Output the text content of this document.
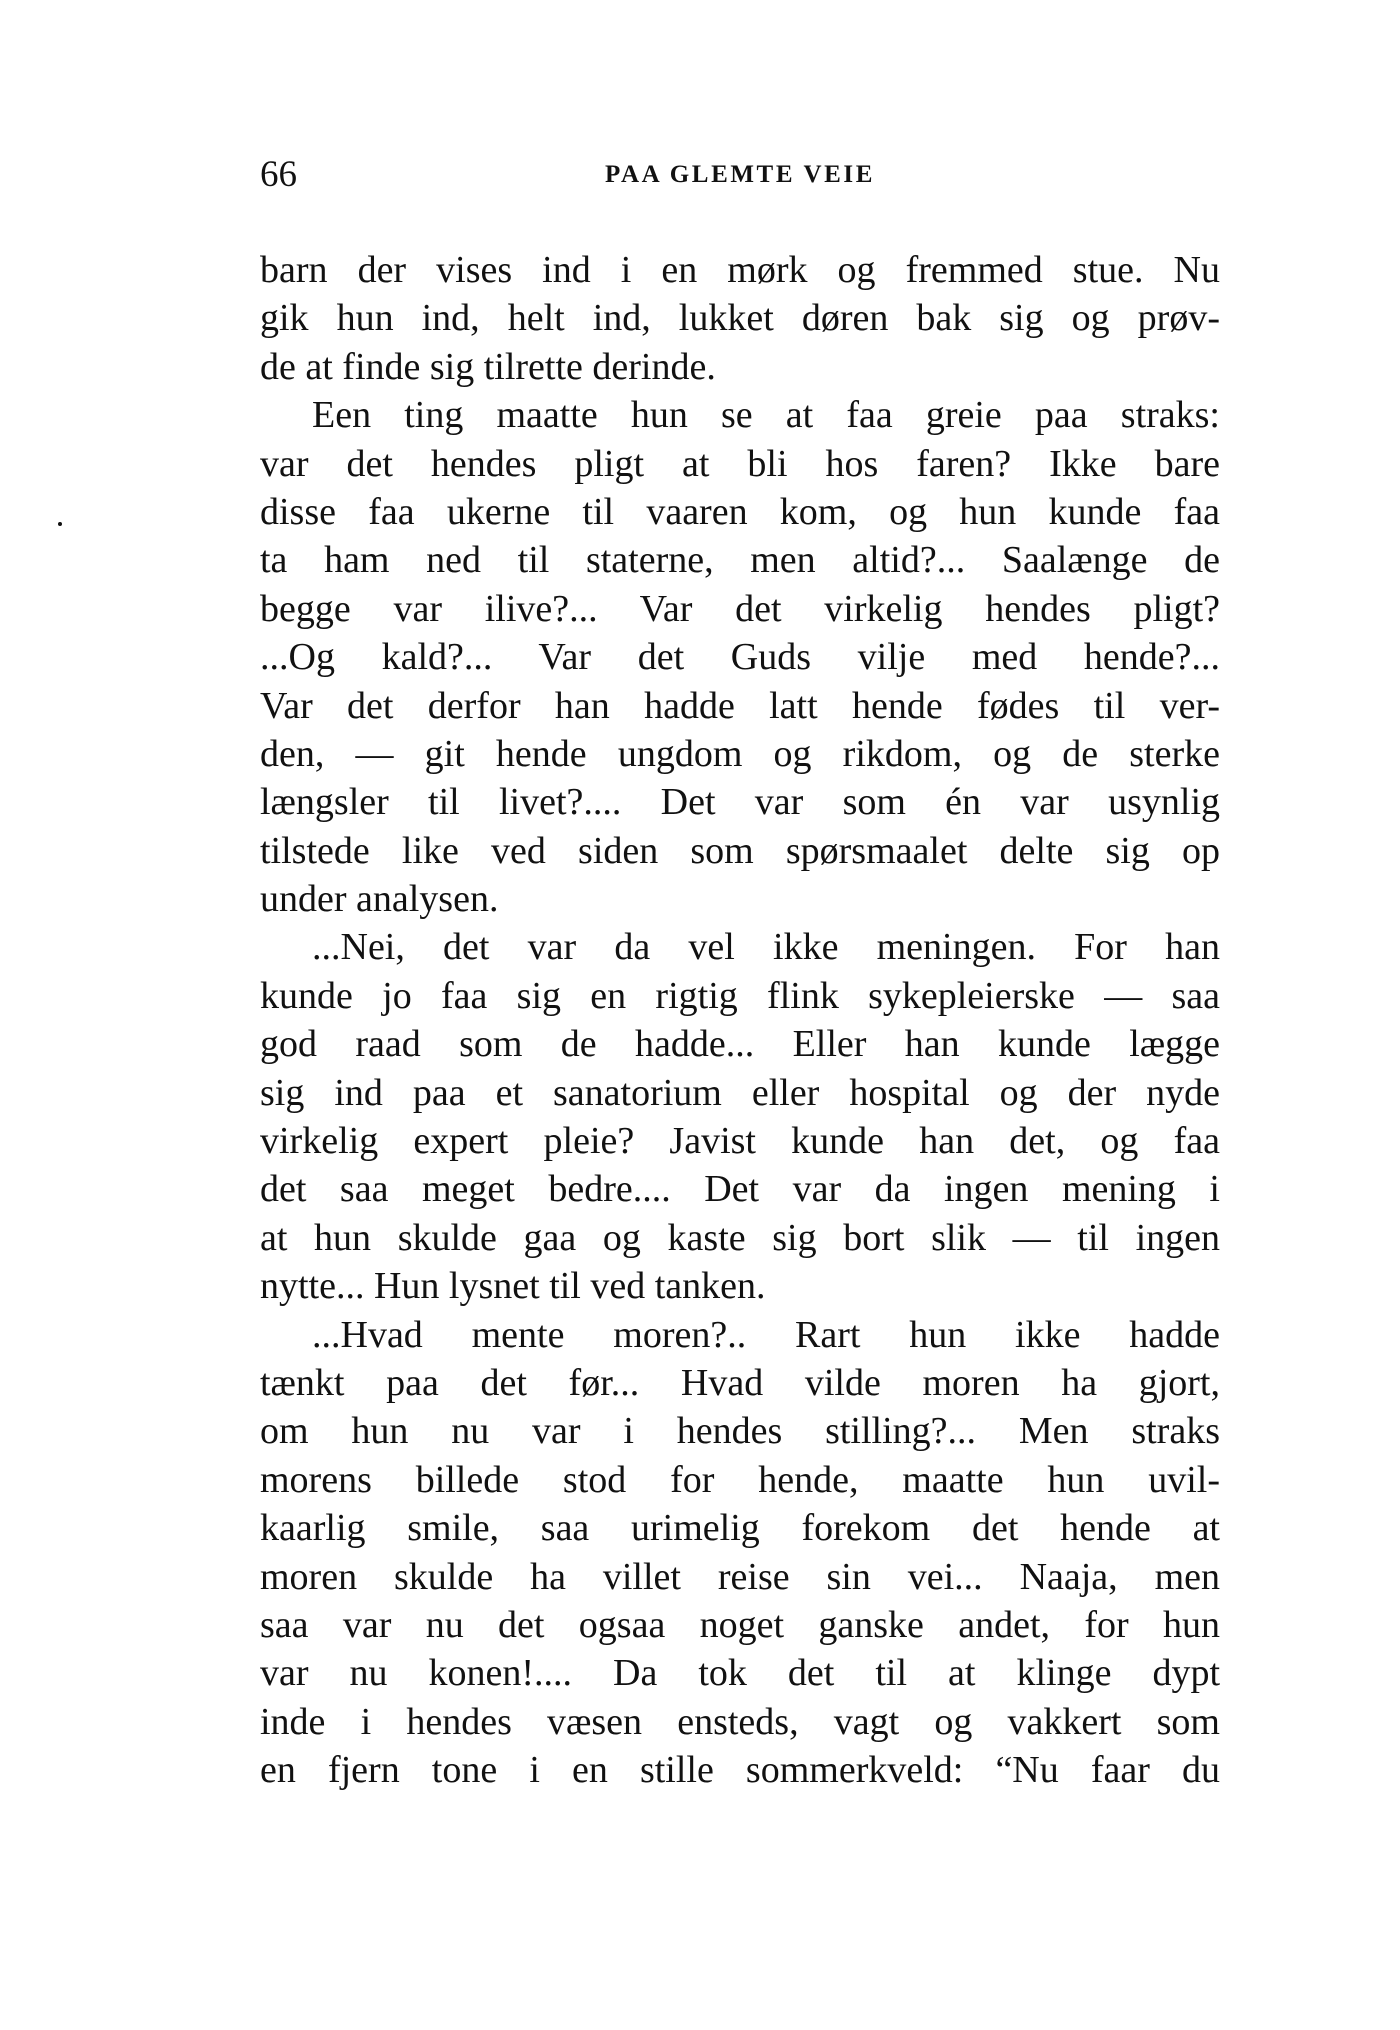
66	PAA GLEMTE VEIE
barn der vises ind i en mørk og fremmed stue. Nu
gik hun ind, helt ind, lukket døren bak sig og prøv-
de at finde sig tilrette derinde.
Een ting maatte hun se at faa greie paa straks:
var det hendes pligt at bli hos faren? Ikke bare
disse faa ukerne til vaaren kom, og hun kunde faa
ta ham ned til staterne, men altid?... Saalænge de
begge var ilive?... Var det virkelig hendes pligt?
...Og kald?... Var det Guds vilje med hende?...
Var det derfor han hadde latt hende fødes til ver-
den, — git hende ungdom og rikdom, og de sterke
længsler til livet?.... Det var som én var usynlig
tilstede like ved siden som spørsmaalet delte sig op
under analysen.
...Nei, det var da vel ikke meningen. For han
kunde jo faa sig en rigtig flink sykepleierske — saa
god raad som de hadde... Eller han kunde lægge
sig ind paa et sanatorium eller hospital og der nyde
virkelig expert pleie? Javist kunde han det, og faa
det saa meget bedre.... Det var da ingen mening i
at hun skulde gaa og kaste sig bort slik — til ingen
nytte... Hun lysnet til ved tanken.
...Hvad mente moren?.. Rart hun ikke hadde
tænkt paa det før... Hvad vilde moren ha gjort,
om hun nu var i hendes stilling?... Men straks
morens billede stod for hende, maatte hun uvil-
kaarlig smile, saa urimelig forekom det hende at
moren skulde ha villet reise sin vei... Naaja, men
saa var nu det ogsaa noget ganske andet, for hun
var nu konen!.... Da tok det til at klinge dypt
inde i hendes væsen ensteds, vagt og vakkert som
en fjern tone i en stille sommerkveld: “Nu faar du
